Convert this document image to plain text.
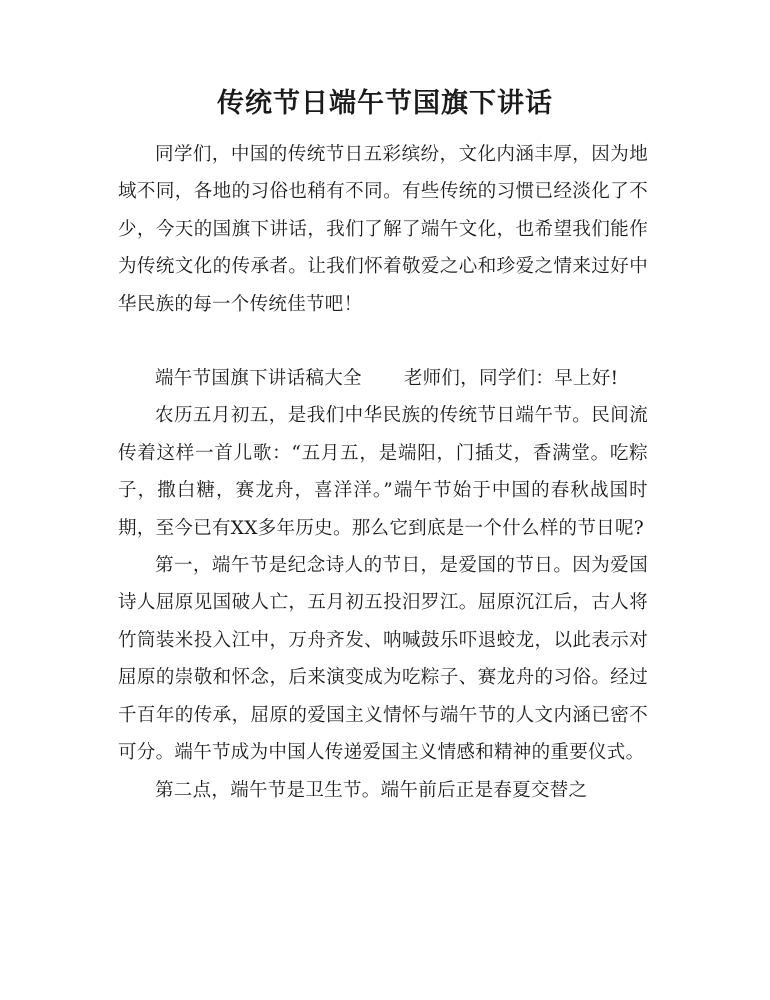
传统节日端午节国旗下讲话

同学们，中国的传统节日五彩缤纷，文化内涵丰厚，因为地域不同，各地的习俗也稍有不同。有些传统的习惯已经淡化了不少，今天的国旗下讲话，我们了解了端午文化，也希望我们能作为传统文化的传承者。让我们怀着敬爱之心和珍爱之情来过好中华民族的每一个传统佳节吧！

端午节国旗下讲话稿大全 老师们，同学们：早上好!

农历五月初五，是我们中华民族的传统节日端午节。民间流传着这样一首儿歌：“五月五，是端阳，门插艾，香满堂。吃粽子，撒白糖，赛龙舟，喜洋洋。”端午节始于中国的春秋战国时期，至今已有XX多年历史。那么它到底是一个什么样的节日呢?

第一，端午节是纪念诗人的节日，是爱国的节日。因为爱国诗人屈原见国破人亡，五月初五投汨罗江。屈原沉江后，古人将竹筒装米投入江中，万舟齐发、呐喊鼓乐吓退蛟龙，以此表示对屈原的崇敬和怀念，后来演变成为吃粽子、赛龙舟的习俗。经过千百年的传承，屈原的爱国主义情怀与端午节的人文内涵已密不可分。端午节成为中国人传递爱国主义情感和精神的重要仪式。

第二点，端午节是卫生节。端午前后正是春夏交替之
